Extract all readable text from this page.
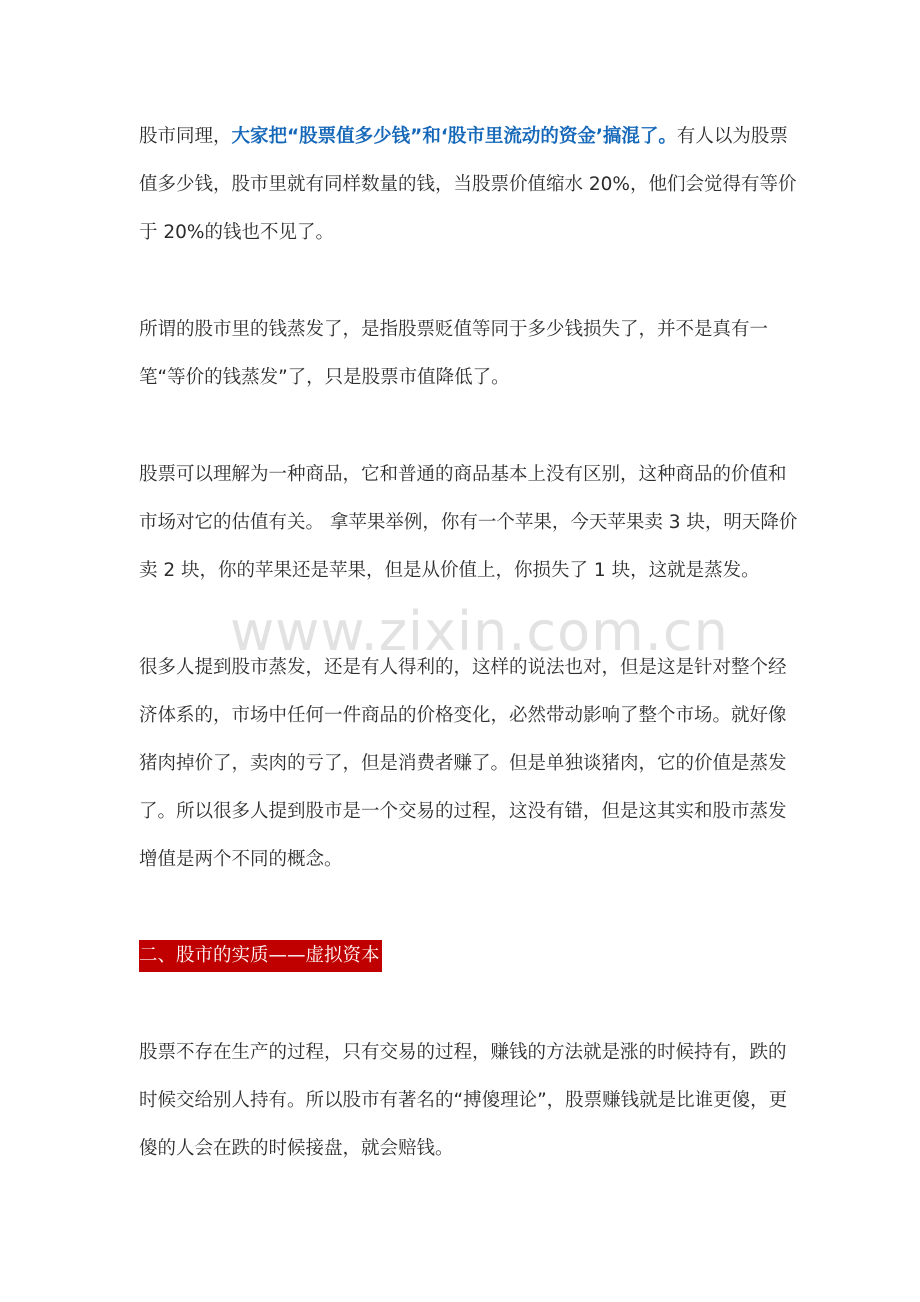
股市同理，大家把“股票值多少钱”和‘股市里流动的资金’搞混了。有人以为股票值多少钱，股市里就有同样数量的钱，当股票价值缩水 20%，他们会觉得有等价于 20%的钱也不见了。

所谓的股市里的钱蒸发了，是指股票贬值等同于多少钱损失了，并不是真有一笔“等价的钱蒸发”了，只是股票市值降低了。

股票可以理解为一种商品，它和普通的商品基本上没有区别，这种商品的价值和市场对它的估值有关。 拿苹果举例，你有一个苹果，今天苹果卖 3 块，明天降价卖 2 块，你的苹果还是苹果，但是从价值上，你损失了 1 块，这就是蒸发。

www.zixin.com.cn

很多人提到股市蒸发，还是有人得利的，这样的说法也对，但是这是针对整个经济体系的，市场中任何一件商品的价格变化，必然带动影响了整个市场。就好像猪肉掉价了，卖肉的亏了，但是消费者赚了。但是单独谈猪肉，它的价值是蒸发了。所以很多人提到股市是一个交易的过程，这没有错，但是这其实和股市蒸发增值是两个不同的概念。

二、股市的实质——虚拟资本

股票不存在生产的过程，只有交易的过程，赚钱的方法就是涨的时候持有，跌的时候交给别人持有。所以股市有著名的“搏傻理论”，股票赚钱就是比谁更傻，更傻的人会在跌的时候接盘，就会赔钱。
